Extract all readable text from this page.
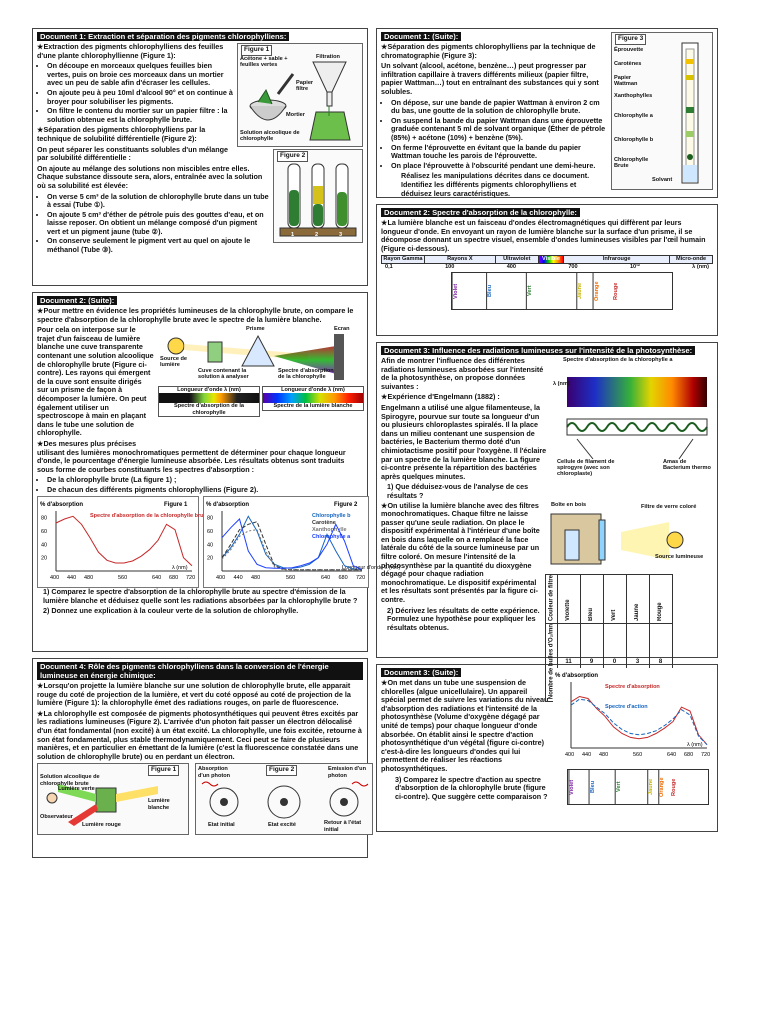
Document 1: Extraction et séparation des pigments chlorophylliens:
Figure 1
Acétone + sable + feuilles vertes
Filtration
Papier filtre
Mortier
Solution alcoolique de chlorophylle

★ Extraction des pigments chlorophylliens des feuilles d'une plante chlorophyllienne (Figure 1):

• On découpe en morceaux quelques feuilles bien vertes, puis on broie ces morceaux dans un mortier avec un peu de sable afin d'écraser les cellules.
• On ajoute peu à peu 10ml d'alcool 90° et on continue à broyer pour solubiliser les pigments.
• On filtre le contenu du mortier sur un papier filtre : la solution obtenue est la chlorophylle brute.
Figure 2
1	2	3

★ Séparation des pigments chlorophylliens par la technique de solubilité différentielle (Figure 2):

On peut séparer les constituants solubles d'un mélange par solubilité différentielle :

On ajoute au mélange des solutions non miscibles entre elles. Chaque substance dissoute sera, alors, entraînée avec la solution où sa solubilité est élevée:

• On verse 5 cm³ de la solution de chlorophylle brute dans un tube à essai (Tube ①).
• On ajoute 5 cm³ d'éther de pétrole puis des gouttes d'eau, et on laisse reposer. On obtient un mélange composé d'un pigment vert et un pigment jaune (tube ②).
• On conserve seulement le pigment vert au quel on ajoute le méthanol (Tube ③).
Document 2: (Suite):

★ Pour mettre en évidence les propriétés lumineuses de la chlorophylle brute, on compare le spectre d'absorption de la chlorophylle brute avec le spectre de la lumière blanche.

Source de lumière
Cuve contenant la solution à analyser
Prisme	Ecran
Spectre d'absorption de la chlorophylle
Longueur d'onde λ (nm)
Spectre d'absorption de la chlorophylle
Longueur d'onde λ (nm)
Spectre de la lumière blanche

Pour cela on interpose sur le trajet d'un faisceau de lumière blanche une cuve transparente contenant une solution alcoolique de chlorophylle brute (Figure ci-contre). Les rayons qui émergent de la cuve sont ensuite dirigés sur un prisme de façon à décomposer la lumière. On peut également utiliser un spectroscope à main en plaçant dans le tube une solution de chlorophylle.

★ Des mesures plus précises utilisant des lumières monochromatiques permettent de déterminer pour chaque longueur d'onde, le pourcentage d'énergie lumineuse absorbée. Les résultats obtenus sont traduits sous forme de courbes constituants les spectres d'absorption :

• De la chlorophylle brute (La figure 1) ;
• De chacun des différents pigments chlorophylliens (Figure 2).
% d'absorption	Figure 1
400 440 480	560	640 680 720
20
40
60
80
λ (nm)
Spectre d'absorption de la chlorophylle brute
% d'absorption	Figure 2
400 440 480	560	640 680 720
20
40
60
80
Longueur d'onde λ (nm)
Chlorophylle b
Carotène
Xanthophylle
Chlorophylle a

1) Comparez le spectre d'absorption de la chlorophylle brute au spectre d'émission de la lumière blanche et déduisez quelle sont les radiations absorbées par la chlorophylle brute ?

2) Donnez une explication à la couleur verte de la solution de chlorophylle.

Document 4: Rôle des pigments chlorophylliens dans la conversion de l'énergie lumineuse en énergie chimique:

★ Lorsqu'on projette la lumière blanche sur une solution de chlorophylle brute, elle apparait rouge du coté de projection de la lumière, et vert du coté opposé au coté de projection de la lumière (Figure 1): la chlorophylle émet des radiations rouges, on parle de fluorescence.

★ La chlorophylle est composée de pigments photosynthétiques qui peuvent êtres excités par les radiations lumineuses (Figure 2). L'arrivée d'un photon fait passer un électron délocalisé d'un état fondamental (non excité) à un état excité. La chlorophylle, une fois excitée, retourne à son état fondamental, plus stable thermodynamiquement. Ceci peut se faire de plusieurs manières, et en particulier en émettant de la lumière (c'est la fluorescence constatée dans une solution de chlorophylle brute) ou en perdant un électron.

Figure 1
Solution alcoolique de chlorophylle brute
Lumière verte
Lumière blanche
Observateur
Lumière rouge
Figure 2
Absorption d'un photon
Emission d'un photon
Etat initial	Etat excité	Retour à l'état initial
Document 1: (Suite):	Figure 3
Éprouvette
Carotènes
Papier Wattman
Xanthophylles
Chlorophylle a
Chlorophylle b
Chlorophylle Brute
Solvant

★ Séparation des pigments chlorophylliens par la technique de chromatographie (Figure 3):

Un solvant (alcool, acétone, benzène…) peut progresser par infiltration capillaire à travers différents milieux (papier filtre, papier Wattman…) tout en entraînant des substances qui y sont solubles.

• On dépose, sur une bande de papier Wattman à environ 2 cm du bas, une goutte de la solution de chlorophylle brute.
• On suspend la bande du papier Wattman dans une éprouvette graduée contenant 5 ml de solvant organique (Éther de pétrole (85%) + acétone (10%) + benzène (5%).
• On ferme l'éprouvette en évitant que la bande du papier Wattman touche les parois de l'éprouvette.
• On place l'éprouvette à l'obscurité pendant une demi-heure.

Réalisez les manipulations décrites dans ce document. Identifiez les différents pigments chlorophylliens et déduisez leurs caractéristiques.

Document 2: Spectre d'absorption de la chlorophylle:

★ La lumière blanche est un faisceau d'ondes électromagnétiques qui diffèrent par leurs longueur d'onde. En envoyant un rayon de lumière blanche sur la surface d'un prisme, il se décompose donnant un spectre visuel, ensemble d'ondes lumineuses visibles par l'œil humain (Figure ci-dessous).

Rayon Gamma	Rayons X	Ultraviolet	Visible	Infrarouge	Micro-onde
0,1	100	400	700	10¹²	λ (nm)
Violet	Bleu	Vert	Jaune	Orange	Rouge
Document 3: Influence des radiations lumineuses sur l'intensité de la photosynthèse:
Spectre d'absorption de la chlorophylle a
λ (nm)
Cellule de filament de spirogyre (avec son chloroplaste)
Amas de Bacterium thermo

Afin de montrer l'influence des différentes radiations lumineuses absorbées sur l'intensité de la photosynthèse, on propose données suivantes :

★ Expérience d'Engelmann (1882) :

Engelmann a utilisé une algue filamenteuse, la Spirogyre, pourvue sur toute sa longueur d'un ou plusieurs chloroplastes spiralés. Il la place dans un milieu contenant une suspension de bactéries, le Bacterium thermo doté d'un chimiotactisme positif pour l'oxygène. Il l'éclaire par un spectre de la lumière blanche. La figure ci-contre présente la répartition des bactéries après quelques minutes.

1) Que déduisez-vous de l'analyse de ces résultats ?

Boîte en bois	Filtre de verre coloré
Source lumineuse
Couleur de filtre	Violette	Bleu	Vert	Jaune	Rouge
Nombre de bulles d'O₂/mn	11	9	0	3	8

★ On utilise la lumière blanche avec des filtres monochromatiques. Chaque filtre ne laisse passer qu'une seule radiation. On place le dispositif expérimental à l'intérieur d'une boîte en bois dans laquelle on a remplacé la face latérale du côté de la source lumineuse par un filtre coloré. On mesure l'intensité de la photosynthèse par la quantité du dioxygène dégagé pour chaque radiation monochromatique. Le dispositif expérimental et les résultats sont présentés par la figure ci-contre.

2) Décrivez les résultats de cette expérience. Formulez une hypothèse pour expliquer les résultats obtenus.

Document 3: (Suite):	% d'absorption
400 440 480	560	640 680 720
λ (nm)
Spectre d'absorption
Spectre d'action
Violet	Bleu	Vert	Jaune Orange	Rouge

★ On met dans un tube une suspension de chlorelles (algue unicellulaire). Un appareil spécial permet de suivre les variations du niveau d'absorption des radiations et l'intensité de la photosynthèse (Volume d'oxygène dégagé par unité de temps) pour chaque longueur d'onde absorbée. On établit ainsi le spectre d'action photosynthétique d'un végétal (figure ci-contre) c'est-à-dire les longueurs d'ondes qui lui permettent de réaliser les réactions photosynthétiques.

3) Comparez le spectre d'action au spectre d'absorption de la chlorophylle brute (figure ci-contre). Que suggère cette comparaison ?
